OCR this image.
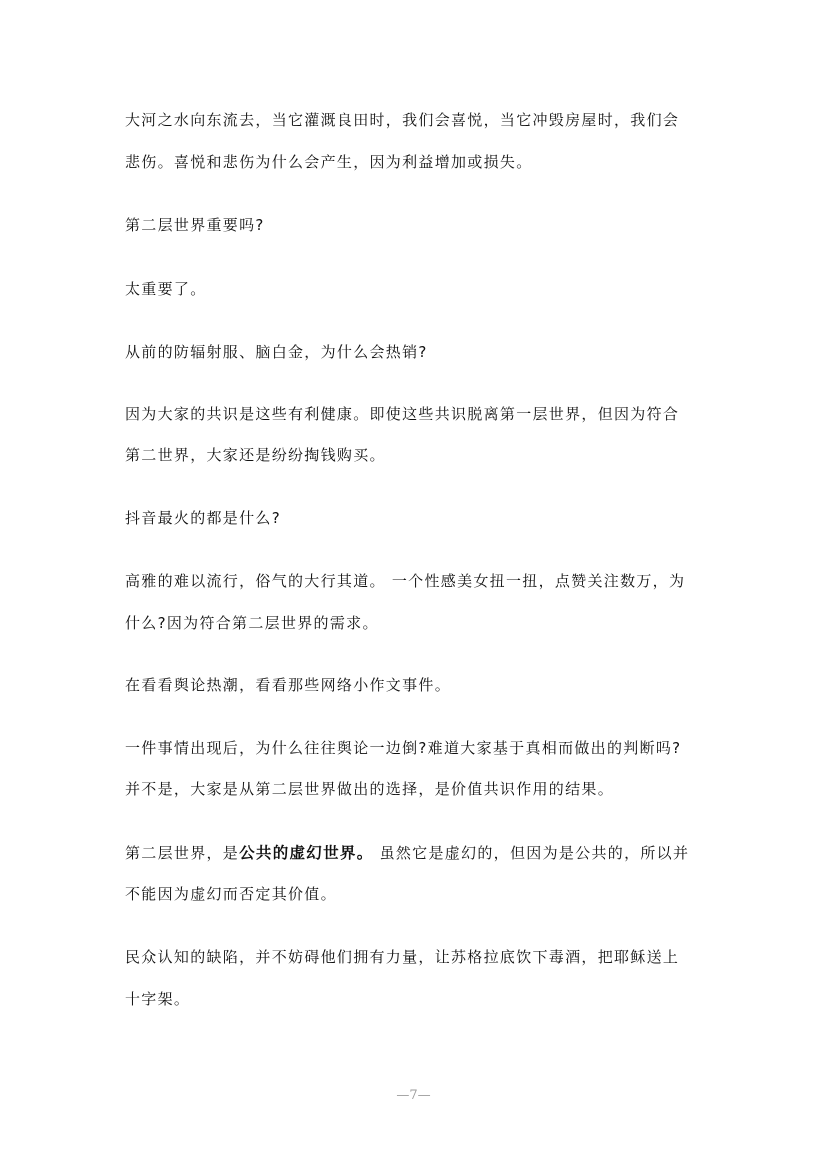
大河之水向东流去，当它灌溉良田时，我们会喜悦，当它冲毁房屋时，我们会
悲伤。喜悦和悲伤为什么会产生，因为利益增加或损失。
第二层世界重要吗?
太重要了。
从前的防辐射服、脑白金，为什么会热销?
因为大家的共识是这些有利健康。即使这些共识脱离第一层世界，但因为符合
第二世界，大家还是纷纷掏钱购买。
抖音最火的都是什么?
高雅的难以流行，俗气的大行其道。 一个性感美女扭一扭，点赞关注数万，为
什么?因为符合第二层世界的需求。
在看看舆论热潮，看看那些网络小作文事件。
一件事情出现后，为什么往往舆论一边倒?难道大家基于真相而做出的判断吗?
并不是，大家是从第二层世界做出的选择，是价值共识作用的结果。
第二层世界，是公共的虚幻世界。 虽然它是虚幻的，但因为是公共的，所以并
不能因为虚幻而否定其价值。
民众认知的缺陷，并不妨碍他们拥有力量，让苏格拉底饮下毒酒，把耶稣送上
十字架。
—7—
